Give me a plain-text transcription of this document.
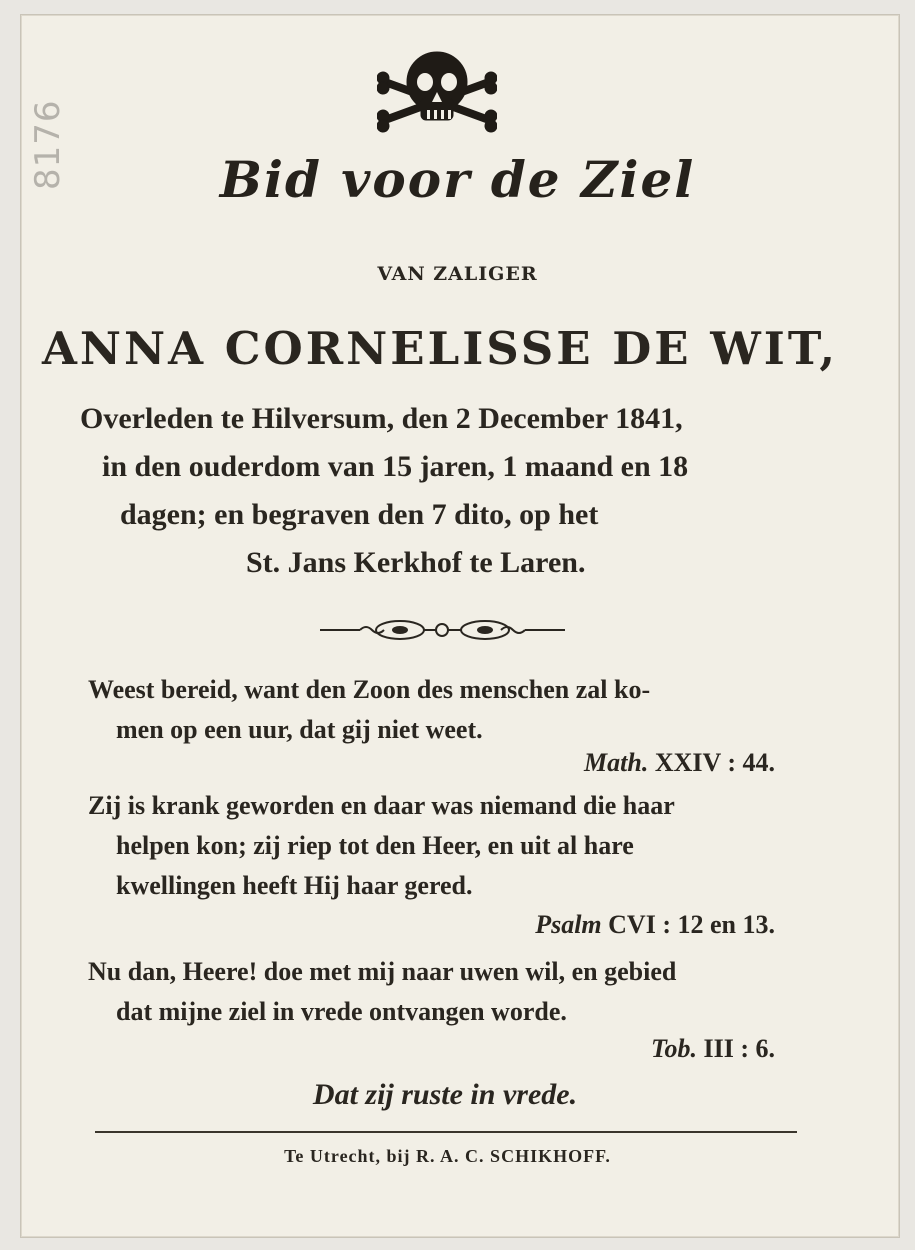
8176	Bid voor de Ziel
VAN ZALIGER
ANNA CORNELISSE DE WIT,
Overleden te Hilversum, den 2 December 1841,
in den ouderdom van 15 jaren, 1 maand en 18
dagen; en begraven den 7 dito, op het
St. Jans Kerkhof te Laren.
Weest bereid, want den Zoon des menschen zal ko-
men op een uur, dat gij niet weet.
Math. XXIV : 44.
Zij is krank geworden en daar was niemand die haar
helpen kon; zij riep tot den Heer, en uit al hare
kwellingen heeft Hij haar gered.
Psalm CVI : 12 en 13.
Nu dan, Heere! doe met mij naar uwen wil, en gebied
dat mijne ziel in vrede ontvangen worde.
Tob. III : 6.
Dat zij ruste in vrede.
Te Utrecht, bij R. A. C. SCHIKHOFF.
